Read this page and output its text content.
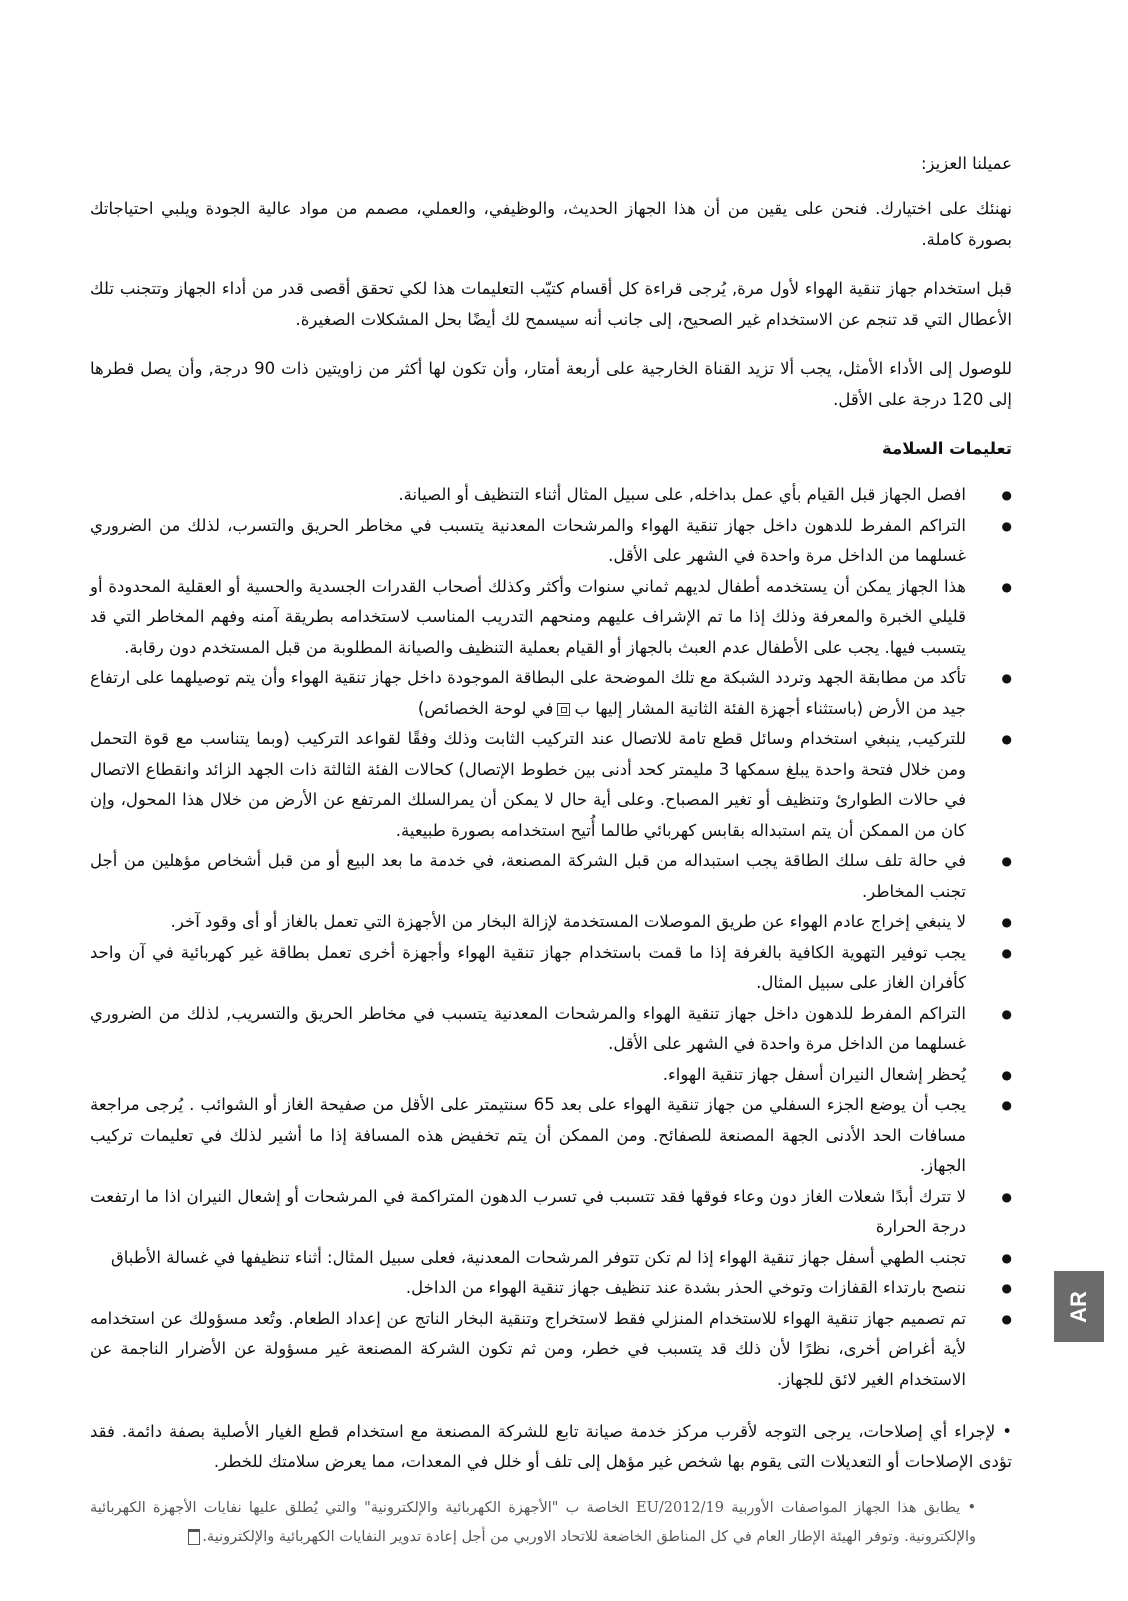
عميلنا العزيز:

نهنئك على اختيارك. فنحن على يقين من أن هذا الجهاز الحديث، والوظيفي، والعملي، مصمم من مواد عالية الجودة ويلبي احتياجاتك بصورة كاملة.

قبل استخدام جهاز تنقية الهواء لأول مرة, يُرجى قراءة كل أقسام كتيّب التعليمات هذا لكي تحقق أقصى قدر من أداء الجهاز وتتجنب تلك الأعطال التي قد تنجم عن الاستخدام غير الصحيح، إلى جانب أنه سيسمح لك أيضًا بحل المشكلات الصغيرة.

للوصول إلى الأداء الأمثل، يجب ألا تزيد القناة الخارجية على أربعة أمتار، وأن تكون لها أكثر من زاويتين ذات 90 درجة, وأن يصل قطرها إلى 120 درجة على الأقل.

تعليمات السلامة
● افصل الجهاز قبل القيام بأي عمل بداخله, على سبيل المثال أثناء التنظيف أو الصيانة.
● التراكم المفرط للدهون داخل جهاز تنقية الهواء والمرشحات المعدنية يتسبب في مخاطر الحريق والتسرب، لذلك من الضروري غسلهما من الداخل مرة واحدة في الشهر على الأقل.
● هذا الجهاز يمكن أن يستخدمه أطفال لديهم ثماني سنوات وأكثر وكذلك أصحاب القدرات الجسدية والحسية أو العقلية المحدودة أو قليلي الخبرة والمعرفة وذلك إذا ما تم الإشراف عليهم ومنحهم التدريب المناسب لاستخدامه بطريقة آمنه وفهم المخاطر التي قد يتسبب فيها. يجب على الأطفال عدم العبث بالجهاز أو القيام بعملية التنظيف والصيانة المطلوبة من قبل المستخدم دون رقابة.
● تأكد من مطابقة الجهد وتردد الشبكة مع تلك الموضحة على البطاقة الموجودة داخل جهاز تنقية الهواء وأن يتم توصيلهما على ارتفاع جيد من الأرض (باستثناء أجهزة الفئة الثانية المشار إليها بفي لوحة الخصائص)
● للتركيب, ينبغي استخدام وسائل قطع تامة للاتصال عند التركيب الثابت وذلك وفقًا لقواعد التركيب (وبما يتناسب مع قوة التحمل ومن خلال فتحة واحدة يبلغ سمكها 3 مليمتر كحد أدنى بين خطوط الإتصال) كحالات الفئة الثالثة ذات الجهد الزائد وانقطاع الاتصال في حالات الطوارئ وتنظيف أو تغير المصباح. وعلى أية حال لا يمكن أن يمرالسلك المرتفع عن الأرض من خلال هذا المحول، وإن كان من الممكن أن يتم استبداله بقابس كهربائي طالما أُتيح استخدامه بصورة طبيعية.
● في حالة تلف سلك الطاقة يجب استبداله من قبل الشركة المصنعة، في خدمة ما بعد البيع أو من قبل أشخاص مؤهلين من أجل تجنب المخاطر.
● لا ينبغي إخراج عادم الهواء عن طريق الموصلات المستخدمة لإزالة البخار من الأجهزة التي تعمل بالغاز أو أى وقود آخر.
● يجب توفير التهوية الكافية بالغرفة إذا ما قمت باستخدام جهاز تنقية الهواء وأجهزة أخرى تعمل بطاقة غير كهربائية في آن واحد كأفران الغاز على سبيل المثال.
● التراكم المفرط للدهون داخل جهاز تنقية الهواء والمرشحات المعدنية يتسبب في مخاطر الحريق والتسريب, لذلك من الضروري غسلهما من الداخل مرة واحدة في الشهر على الأقل.
● يُحظر إشعال النيران أسفل جهاز تنقية الهواء.
● يجب أن يوضع الجزء السفلي من جهاز تنقية الهواء على بعد 65 سنتيمتر على الأقل من صفيحة الغاز أو الشوائب . يُرجى مراجعة مسافات الحد الأدنى الجهة المصنعة للصفائح. ومن الممكن أن يتم تخفيض هذه المسافة إذا ما أشير لذلك في تعليمات تركيب الجهاز.
● لا تترك أبدًا شعلات الغاز دون وعاء فوقها فقد تتسبب في تسرب الدهون المتراكمة في المرشحات أو إشعال النيران اذا ما ارتفعت درجة الحرارة
● تجنب الطهي أسفل جهاز تنقية الهواء إذا لم تكن تتوفر المرشحات المعدنية، فعلى سبيل المثال: أثناء تنظيفها في غسالة الأطباق
● ننصح بارتداء القفازات وتوخي الحذر بشدة عند تنظيف جهاز تنقية الهواء من الداخل.
● تم تصميم جهاز تنقية الهواء للاستخدام المنزلي فقط لاستخراج وتنقية البخار الناتج عن إعداد الطعام. وتُعد مسؤولك عن استخدامه لأية أغراض أخرى، نظرًا لأن ذلك قد يتسبب في خطر، ومن ثم تكون الشركة المصنعة غير مسؤولة عن الأضرار الناجمة عن الاستخدام الغير لائق للجهاز.

• لإجراء أي إصلاحات، يرجى التوجه لأقرب مركز خدمة صيانة تابع للشركة المصنعة مع استخدام قطع الغيار الأصلية بصفة دائمة. فقد تؤدى الإصلاحات أو التعديلات التى يقوم بها شخص غير مؤهل إلى تلف أو خلل في المعدات، مما يعرض سلامتك للخطر.

• يطابق هذا الجهاز المواصفات الأوربية 2012/19/EU الخاصة ب "الأجهزة الكهربائية والإلكترونية" والتي يُطلق عليها نفايات الأجهزة الكهربائية والإلكترونية. وتوفر الهيئة الإطار العام في كل المناطق الخاضعة للاتحاد الاوربي من أجل إعادة تدوير النفايات الكهربائية والإلكترونية.

AR
